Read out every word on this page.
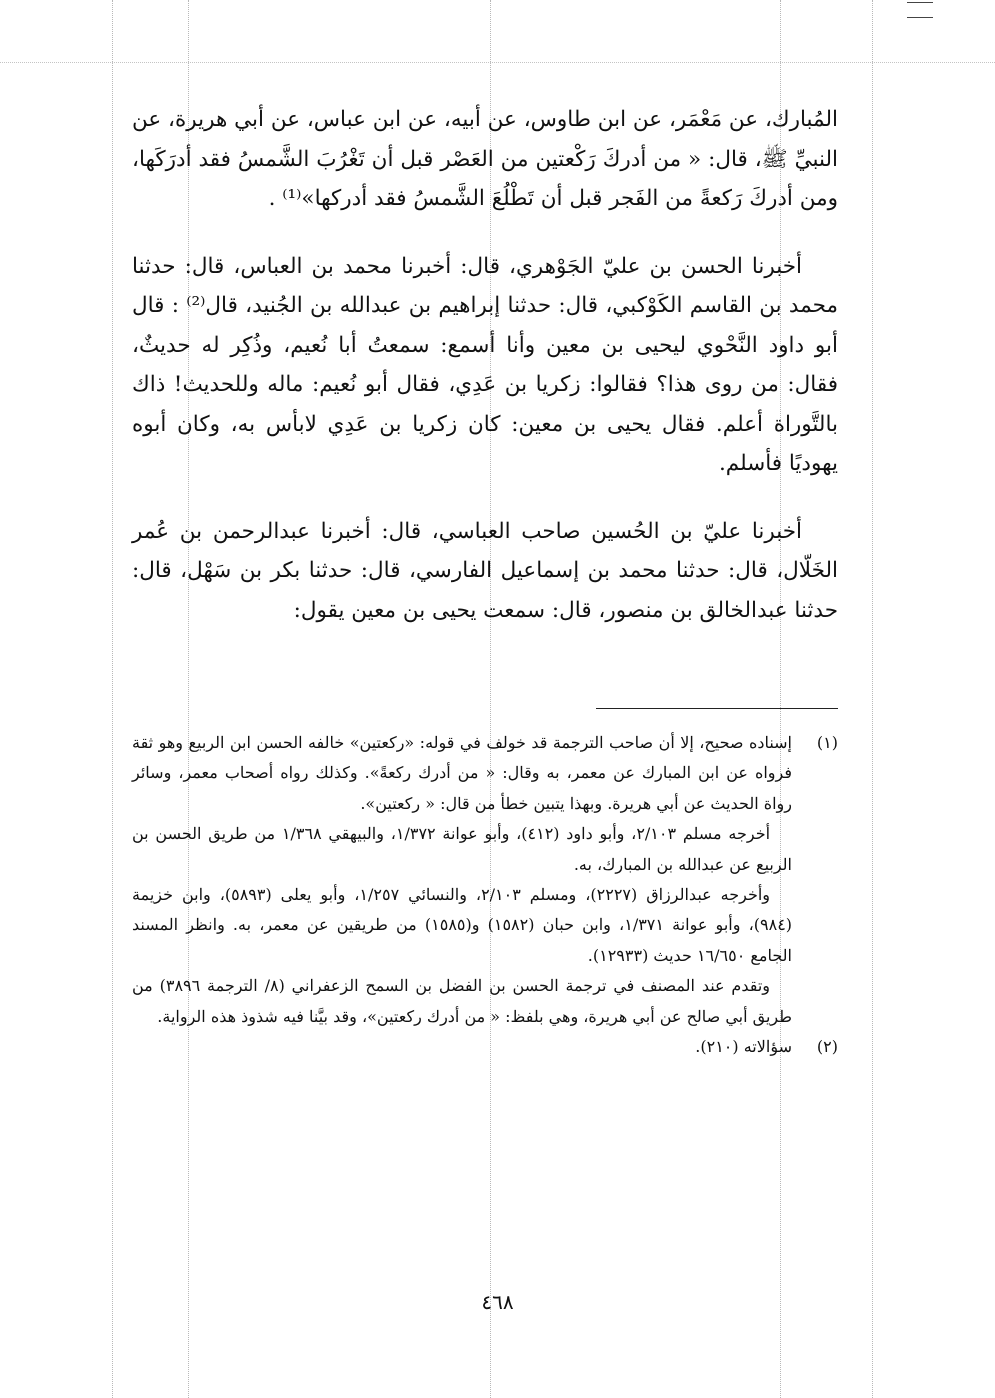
المُبارك، عن مَعْمَر، عن ابن طاوس، عن أبيه، عن ابن عباس، عن أبي هريرة، عن النبيِّ ﷺ، قال: « من أدركَ رَكْعتين من العَصْر قبل أن تَغْرُبَ الشَّمسُ فقد أدرَكَها، ومن أدركَ رَكعةً من الفَجر قبل أن تَطْلُعَ الشَّمسُ فقد أدركها»⁽¹⁾ .

أخبرنا الحسن بن عليّ الجَوْهري، قال: أخبرنا محمد بن العباس، قال: حدثنا محمد بن القاسم الكَوْكبي، قال: حدثنا إبراهيم بن عبدالله بن الجُنيد، قال⁽²⁾ : قال أبو داود النَّحْوي ليحيى بن معين وأنا أسمع: سمعتُ أبا نُعيم، وذُكِر له حديثٌ، فقال: من روى هذا؟ فقالوا: زكريا بن عَدِي، فقال أبو نُعيم: ماله وللحديث! ذاك بالتَّوراة أعلم. فقال يحيى بن معين: كان زكريا بن عَدِي لابأس به، وكان أبوه يهوديًا فأسلم.

أخبرنا عليّ بن الحُسين صاحب العباسي، قال: أخبرنا عبدالرحمن بن عُمر الخَلّال، قال: حدثنا محمد بن إسماعيل الفارسي، قال: حدثنا بكر بن سَهْل، قال: حدثنا عبدالخالق بن منصور، قال: سمعت يحيى بن معين يقول:

(١)
إسناده صحيح، إلا أن صاحب الترجمة قد خولف في قوله: «ركعتين» خالفه الحسن ابن الربيع وهو ثقة فرواه عن ابن المبارك عن معمر، به وقال: « من أدرك ركعةً». وكذلك رواه أصحاب معمر، وسائر رواة الحديث عن أبي هريرة. وبهذا يتبين خطأ من قال: « ركعتين».

أخرجه مسلم ٢/١٠٣، وأبو داود (٤١٢)، وأبو عوانة ١/٣٧٢، والبيهقي ١/٣٦٨ من طريق الحسن بن الربيع عن عبدالله بن المبارك، به.

وأخرجه عبدالرزاق (٢٢٢٧)، ومسلم ٢/١٠٣، والنسائي ١/٢٥٧، وأبو يعلى (٥٨٩٣)، وابن خزيمة (٩٨٤)، وأبو عوانة ١/٣٧١، وابن حبان (١٥٨٢) و(١٥٨٥) من طريقين عن معمر، به. وانظر المسند الجامع ١٦/٦٥٠ حديث (١٢٩٣٣).

وتقدم عند المصنف في ترجمة الحسن بن الفضل بن السمح الزعفراني (٨/ الترجمة ٣٨٩٦) من طريق أبي صالح عن أبي هريرة، وهي بلفظ: « من أدرك ركعتين»، وقد بيَّنا فيه شذوذ هذه الرواية.

(٢)
سؤالاته (٢١٠).
٤٦٨
